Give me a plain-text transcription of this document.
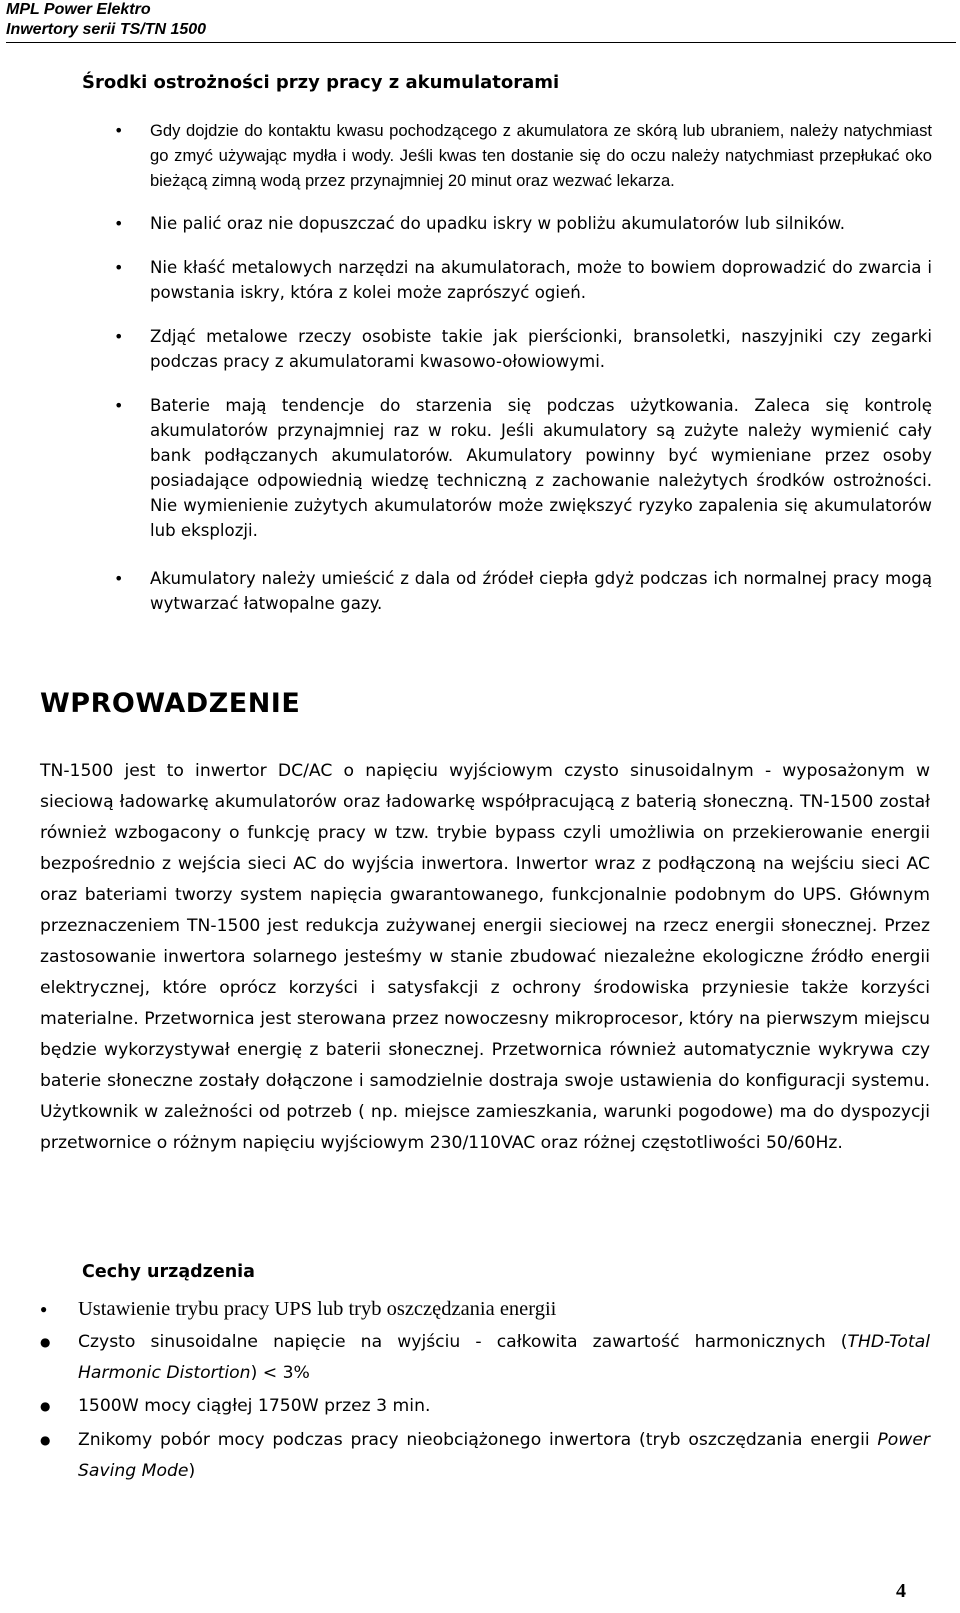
MPL Power Elektro
Inwertory serii TS/TN 1500
Środki ostrożności przy pracy z akumulatorami
• Gdy dojdzie do kontaktu kwasu pochodzącego z akumulatora ze skórą lub ubraniem, należy natychmiast go zmyć używając mydła i wody. Jeśli kwas ten dostanie się do oczu należy natychmiast przepłukać oko bieżącą zimną wodą przez przynajmniej 20 minut oraz wezwać lekarza.
• Nie palić oraz nie dopuszczać do upadku iskry w pobliżu akumulatorów lub silników.
• Nie kłaść metalowych narzędzi na akumulatorach, może to bowiem doprowadzić do zwarcia i powstania iskry, która z kolei może zaprószyć ogień.
• Zdjąć metalowe rzeczy osobiste takie jak pierścionki, bransoletki, naszyjniki czy zegarki podczas pracy z akumulatorami kwasowo-ołowiowymi.
• Baterie mają tendencje do starzenia się podczas użytkowania. Zaleca się kontrolę akumulatorów przynajmniej raz w roku. Jeśli akumulatory są zużyte należy wymienić cały bank podłączanych akumulatorów. Akumulatory powinny być wymieniane przez osoby posiadające odpowiednią wiedzę techniczną z zachowanie należytych środków ostrożności. Nie wymienienie zużytych akumulatorów może zwiększyć ryzyko zapalenia się akumulatorów lub eksplozji.
• Akumulatory należy umieścić z dala od źródeł ciepła gdyż podczas ich normalnej pracy mogą wytwarzać łatwopalne gazy.
WPROWADZENIE

TN-1500 jest to inwertor DC/AC o napięciu wyjściowym czysto sinusoidalnym - wyposażonym w sieciową ładowarkę akumulatorów oraz ładowarkę współpracującą z baterią słoneczną. TN-1500 został również wzbogacony o funkcję pracy w tzw. trybie bypass czyli umożliwia on przekierowanie energii bezpośrednio z wejścia sieci AC do wyjścia inwertora. Inwertor wraz z podłączoną na wejściu sieci AC oraz bateriami tworzy system napięcia gwarantowanego, funkcjonalnie podobnym do UPS. Głównym przeznaczeniem TN-1500 jest redukcja zużywanej energii sieciowej na rzecz energii słonecznej. Przez zastosowanie inwertora solarnego jesteśmy w stanie zbudować niezależne ekologiczne źródło energii elektrycznej, które oprócz korzyści i satysfakcji z ochrony środowiska przyniesie także korzyści materialne. Przetwornica jest sterowana przez nowoczesny mikroprocesor, który na pierwszym miejscu będzie wykorzystywał energię z baterii słonecznej. Przetwornica również automatycznie wykrywa czy baterie słoneczne zostały dołączone i samodzielnie dostraja swoje ustawienia do konfiguracji systemu. Użytkownik w zależności od potrzeb ( np. miejsce zamieszkania, warunki pogodowe) ma do dyspozycji przetwornice o różnym napięciu wyjściowym 230/110VAC oraz różnej częstotliwości 50/60Hz.

Cechy urządzenia
● Ustawienie trybu pracy UPS lub tryb oszczędzania energii
● Czysto sinusoidalne napięcie na wyjściu - całkowita zawartość harmonicznych (THD-Total Harmonic Distortion) < 3%
● 1500W mocy ciągłej 1750W przez 3 min.
● Znikomy pobór mocy podczas pracy nieobciążonego inwertora (tryb oszczędzania energii Power Saving Mode)
4
